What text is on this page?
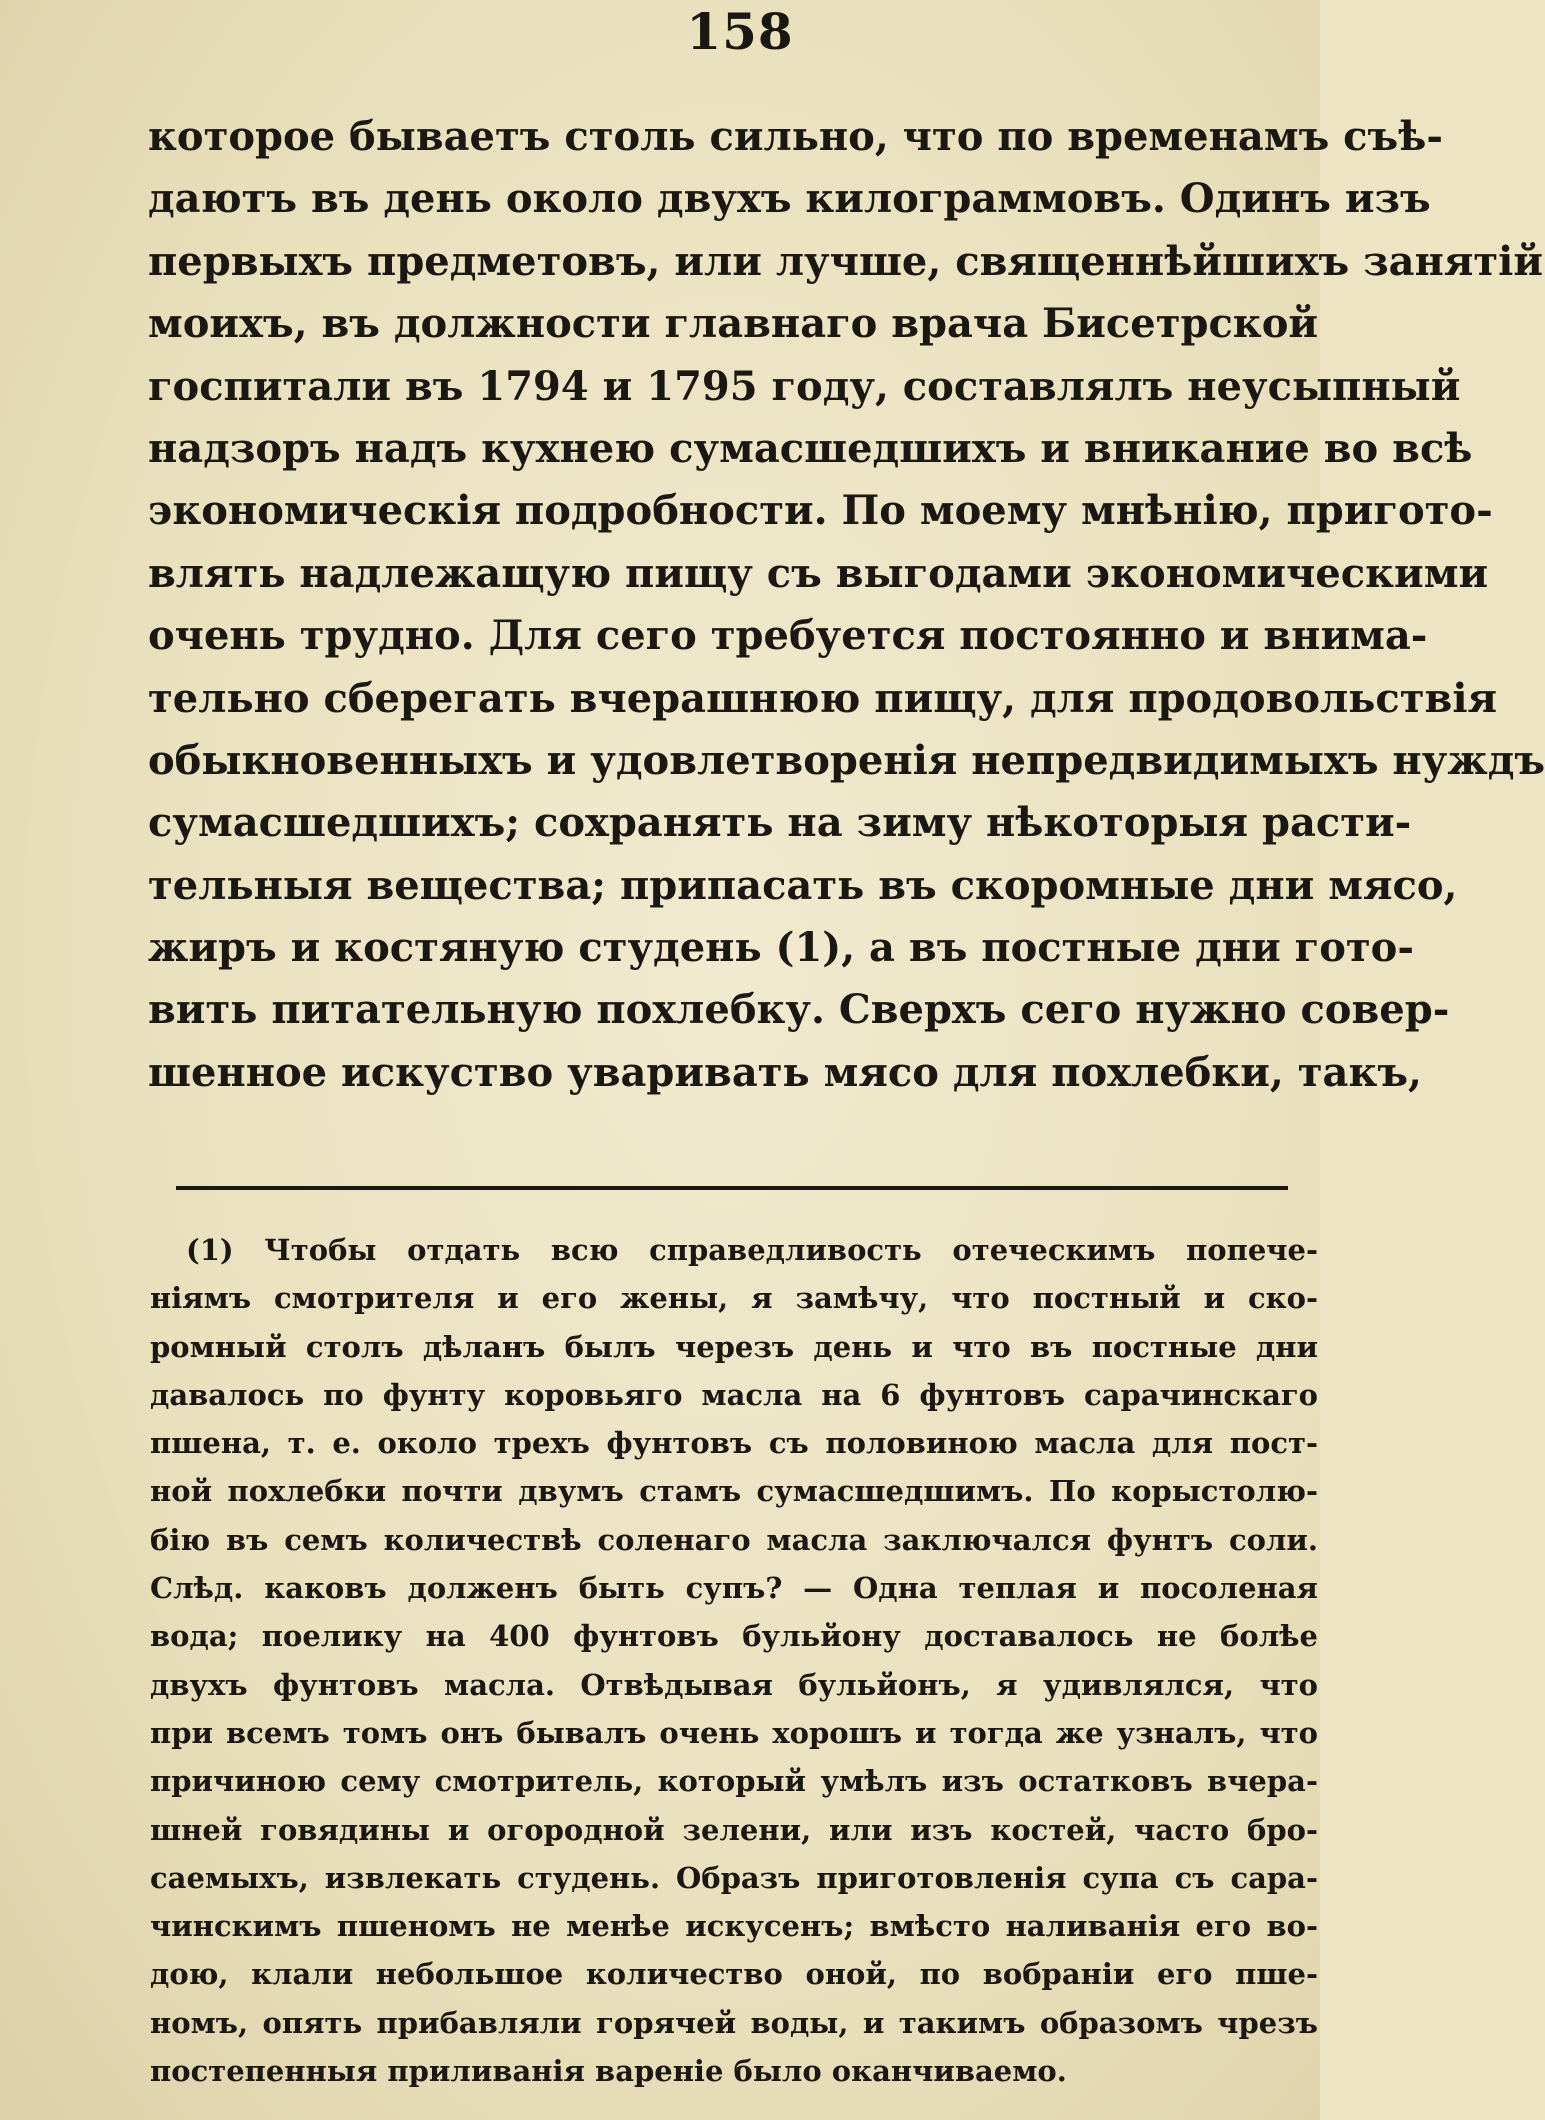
158
которое бываетъ столь сильно, что по временамъ съѣ-
даютъ въ день около двухъ килограммовъ. Одинъ изъ
первыхъ предметовъ, или лучше, священнѣйшихъ занятій
моихъ, въ должности главнаго врача Бисетрской
госпитали въ 1794 и 1795 году, составлялъ неусыпный
надзоръ надъ кухнею сумасшедшихъ и вникание во всѣ
экономическія подробности. По моему мнѣнію, пригото-
влять надлежащую пищу съ выгодами экономическими
очень трудно. Для сего требуется постоянно и внима-
тельно сберегать вчерашнюю пищу, для продовольствія
обыкновенныхъ и удовлетворенія непредвидимыхъ нуждъ
сумасшедшихъ; сохранять на зиму нѣкоторыя расти-
тельныя вещества; припасать въ скоромные дни мясо,
жиръ и костяную студень (1), а въ постные дни гото-
вить питательную похлебку. Сверхъ сего нужно совер-
шенное искуство уваривать мясо для похлебки, такъ,
(1) Чтобы отдать всю справедливость отеческимъ попече-
ніямъ смотрителя и его жены, я замѣчу, что постный и ско-
ромный столъ дѣланъ былъ черезъ день и что въ постные дни
давалось по фунту коровьяго масла на 6 фунтовъ сарачинскаго
пшена, т. е. около трехъ фунтовъ съ половиною масла для пост-
ной похлебки почти двумъ стамъ сумасшедшимъ. По корыстолю-
бію въ семъ количествѣ соленаго масла заключался фунтъ соли.
Слѣд. каковъ долженъ быть супъ? — Одна теплая и посоленая
вода; поелику на 400 фунтовъ бульйону доставалось не болѣе
двухъ фунтовъ масла. Отвѣдывая бульйонъ, я удивлялся, что
при всемъ томъ онъ бывалъ очень хорошъ и тогда же узналъ, что
причиною сему смотритель, который умѣлъ изъ остатковъ вчера-
шней говядины и огородной зелени, или изъ костей, часто бро-
саемыхъ, извлекать студень. Образъ приготовленія супа съ сара-
чинскимъ пшеномъ не менѣе искусенъ; вмѣсто наливанія его во-
дою, клали небольшое количество оной, по вобраніи его пше-
номъ, опять прибавляли горячей воды, и такимъ образомъ чрезъ
постепенныя приливанія вареніе было оканчиваемо.
